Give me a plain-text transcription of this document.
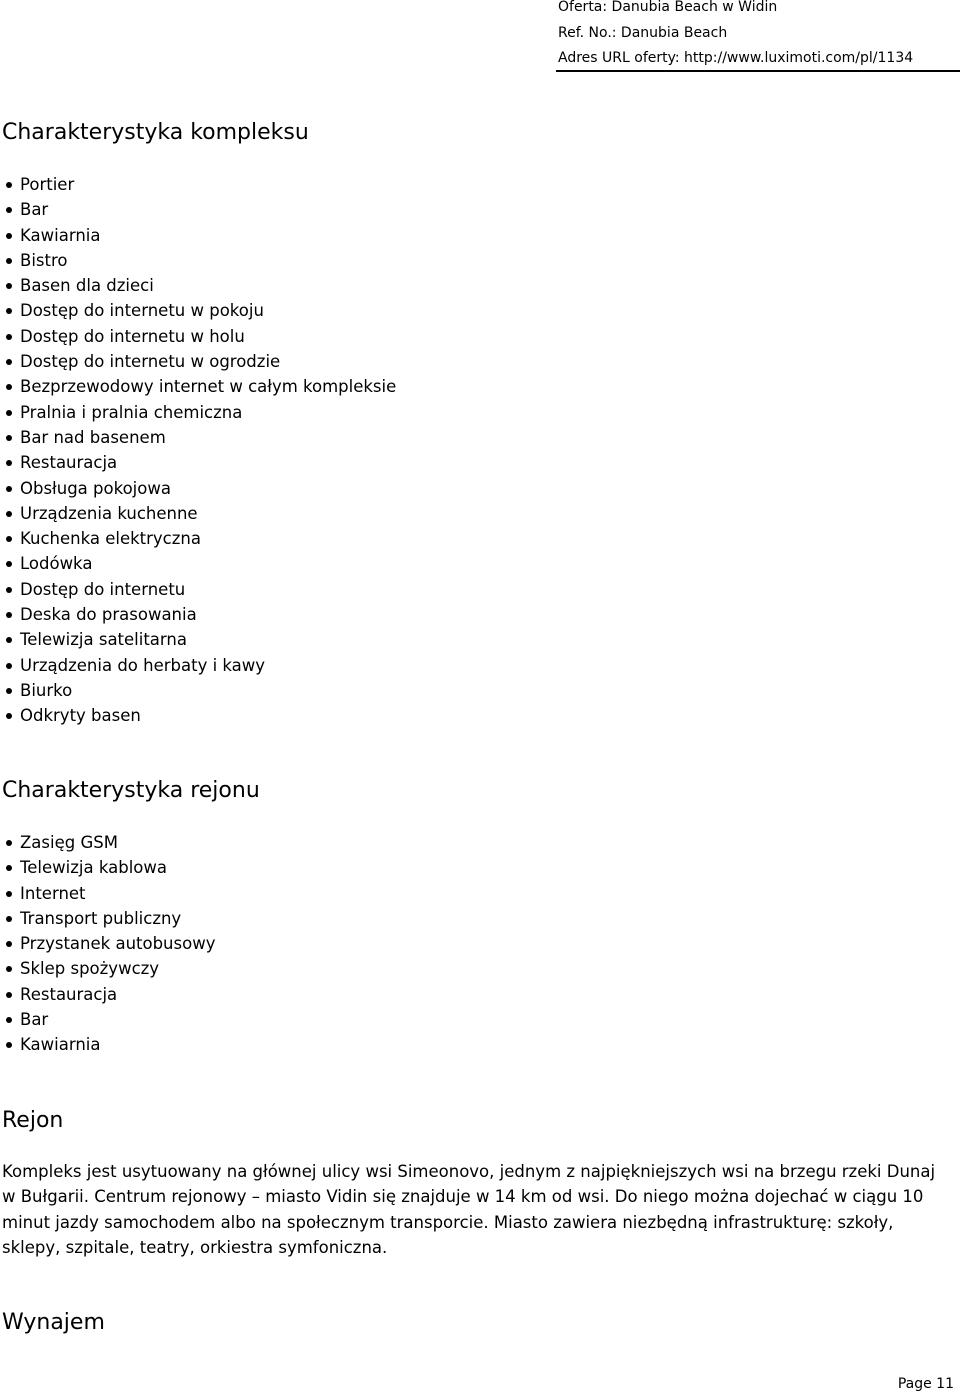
Oferta: Danubia Beach w Widin
Ref. No.: Danubia Beach
Adres URL oferty: http://www.luximoti.com/pl/1134
Charakterystyka kompleksu
Portier
Bar
Kawiarnia
Bistro
Basen dla dzieci
Dostęp do internetu w pokoju
Dostęp do internetu w holu
Dostęp do internetu w ogrodzie
Bezprzewodowy internet w całym kompleksie
Pralnia i pralnia chemiczna
Bar nad basenem
Restauracja
Obsługa pokojowa
Urządzenia kuchenne
Kuchenka elektryczna
Lodówka
Dostęp do internetu
Deska do prasowania
Telewizja satelitarna
Urządzenia do herbaty i kawy
Biurko
Odkryty basen
Charakterystyka rejonu
Zasięg GSM
Telewizja kablowa
Internet
Transport publiczny
Przystanek autobusowy
Sklep spożywczy
Restauracja
Bar
Kawiarnia
Rejon

Kompleks jest usytuowany na głównej ulicy wsi Simeonovo, jednym z najpiękniejszych wsi na brzegu rzeki Dunaj w Bułgarii. Centrum rejonowy – miasto Vidin się znajduje w 14 km od wsi. Do niego można dojechać w ciągu 10 minut jazdy samochodem albo na społecznym transporcie. Miasto zawiera niezbędną infrastrukturę: szkoły, sklepy, szpitale, teatry, orkiestra symfoniczna.

Wynajem
Page 11
